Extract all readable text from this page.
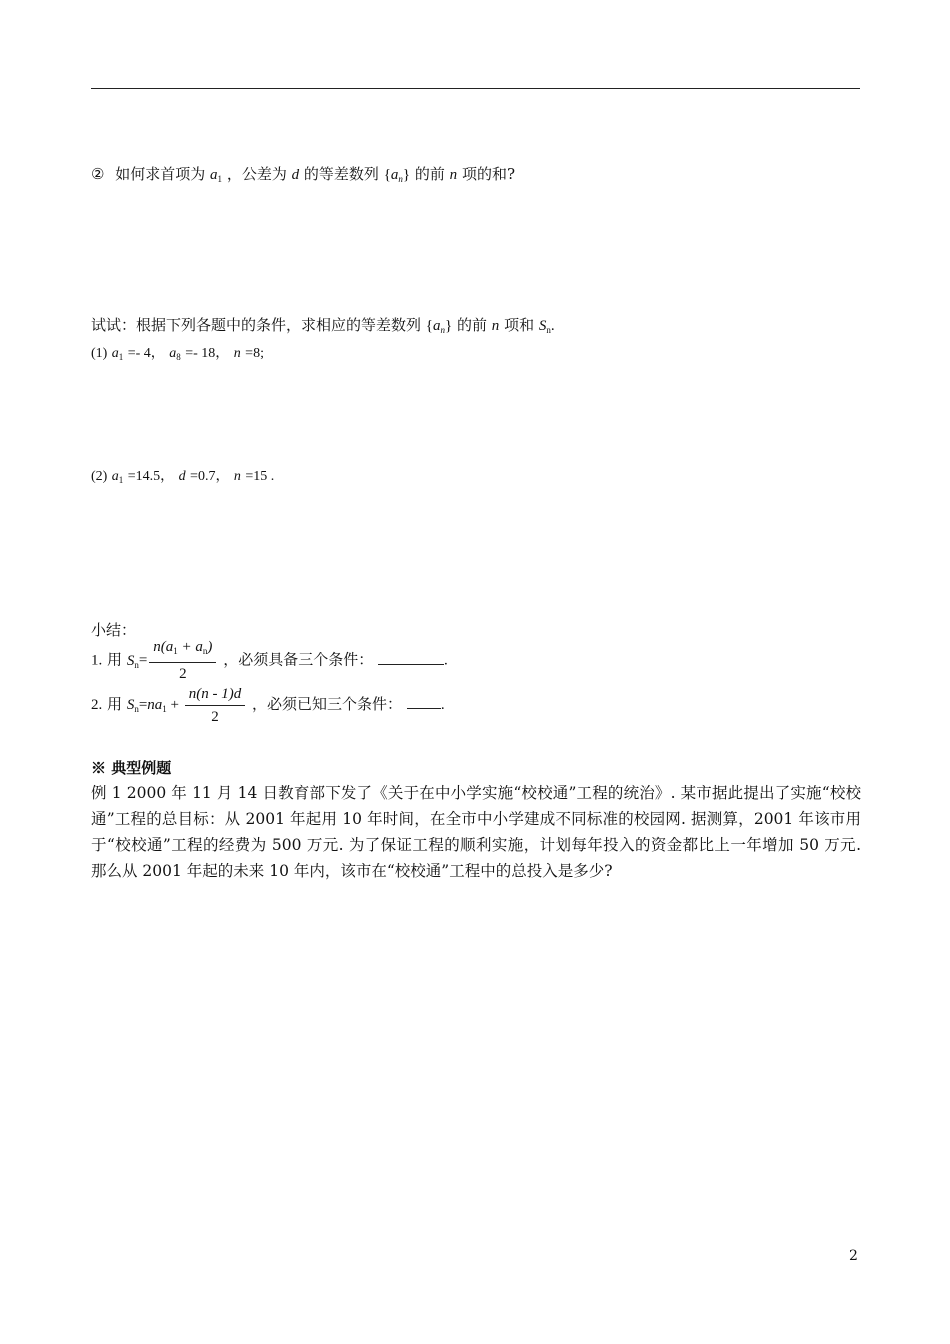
② 如何求首项为 $a_1$ ，公差为 d 的等差数列 $\{a_n\}$ 的前 n 项的和?
试试：根据下列各题中的条件，求相应的等差数列 $\{a_n\}$ 的前 n 项和 $S_n$.
(1) $a_1 =- 4$， $a_8 =- 18$， n =8;
(2) $a_1 =14.5$， d =0.7， n =15 .
小结：
1. 用 $S_n= \frac{n(a_1 + a_n)}{2}$ ，必须具备三个条件：	.
2. 用 $S_n=na_1 + \frac{n(n - 1)d}{2}$ ，必须已知三个条件：	.
※ 典型例题
例 1 2000 年 11 月 14 日教育部下发了《关于在中小学实施“校校通”工程的统治》. 某市据此提出了实施“校校通”工程的总目标：从 2001 年起用 10 年时间，在全市中小学建成不同标准的校园网. 据测算，2001 年该市用于“校校通”工程的经费为 500 万元. 为了保证工程的顺利实施，计划每年投入的资金都比上一年增加 50 万元. 那么从 2001 年起的未来 10 年内，该市在“校校通”工程中的总投入是多少?
2
